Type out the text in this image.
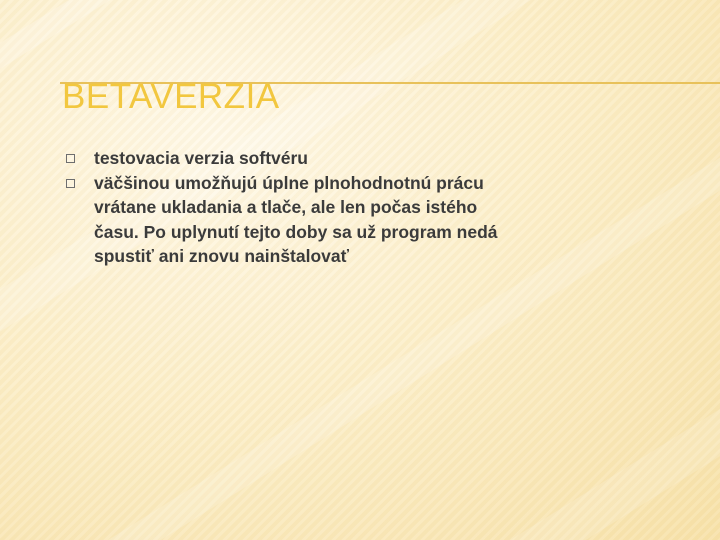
BETAVERZIA
testovacia verzia softvéru
väčšinou umožňujú úplne plnohodnotnú prácu vrátane ukladania a tlače, ale len počas istého času. Po uplynutí tejto doby sa už program nedá spustiť ani znovu nainštalovať
